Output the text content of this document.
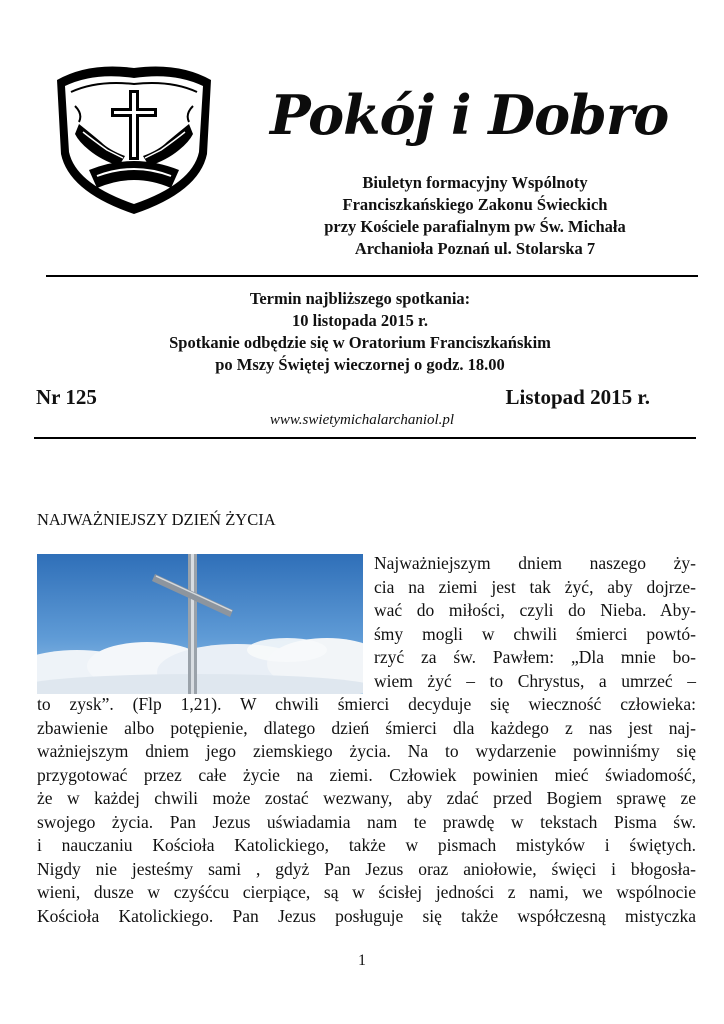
Pokój i Dobro
Biuletyn formacyjny Wspólnoty
Franciszkańskiego Zakonu Świeckich
przy Kościele parafialnym pw Św. Michała
Archanioła Poznań ul. Stolarska 7
Termin najbliższego spotkania:
10 listopada 2015 r.
Spotkanie odbędzie się w Oratorium Franciszkańskim
po Mszy Świętej wieczornej o godz. 18.00
Nr 125	Listopad 2015 r.
www.swietymichalarchaniol.pl
NAJWAŻNIEJSZY DZIEŃ ŻYCIA
Najważniejszym dniem naszego ży-
cia na ziemi jest tak żyć, aby dojrze-
wać do miłości, czyli do Nieba. Aby-
śmy mogli w chwili śmierci powtó-
rzyć za św. Pawłem: „Dla mnie bo-
wiem żyć – to Chrystus, a umrzeć –
to zysk”. (Flp 1,21). W chwili śmierci decyduje się wieczność człowieka:
zbawienie albo potępienie, dlatego dzień śmierci dla każdego z nas jest naj-
ważniejszym dniem jego ziemskiego życia. Na to wydarzenie powinniśmy się
przygotować przez całe życie na ziemi. Człowiek powinien mieć świadomość,
że w każdej chwili może zostać wezwany, aby zdać przed Bogiem sprawę ze
swojego życia. Pan Jezus uświadamia nam te prawdę w tekstach Pisma św.
i nauczaniu Kościoła Katolickiego, także w pismach mistyków i świętych.
Nigdy nie jesteśmy sami , gdyż Pan Jezus oraz aniołowie, święci i błogosła-
wieni, dusze w czyśćcu cierpiące, są w ścisłej jedności z nami, we wspólnocie
Kościoła Katolickiego. Pan Jezus posługuje się także współczesną mistyczka
1
